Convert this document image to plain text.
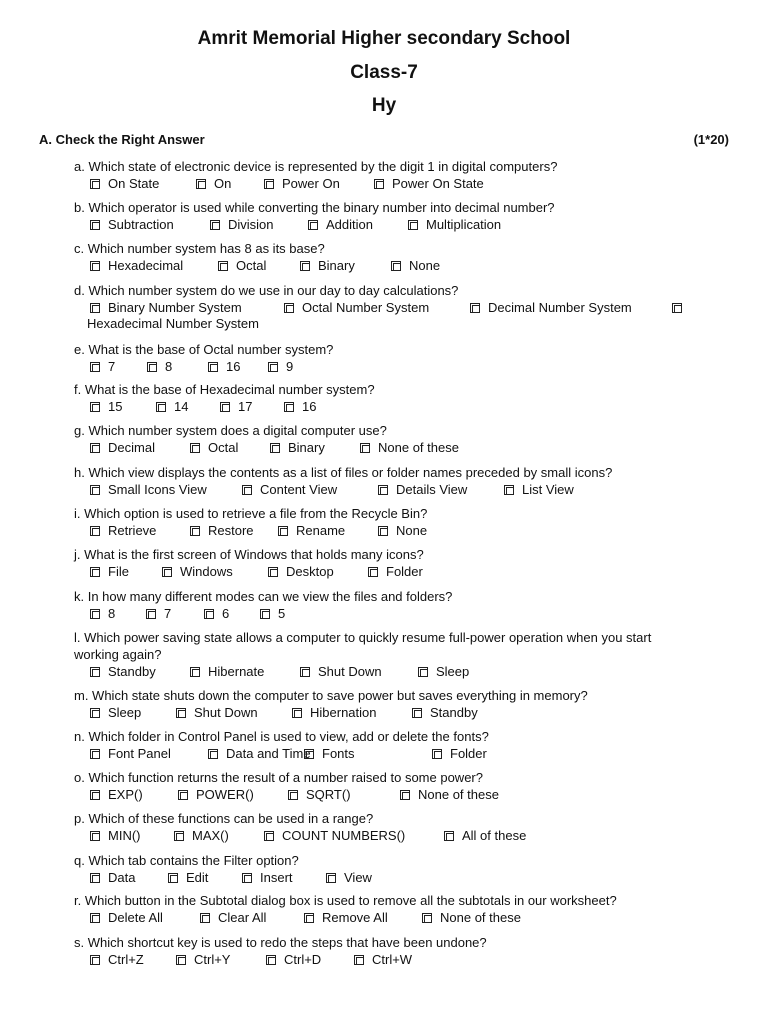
Amrit Memorial Higher secondary School
Class-7
Hy
A. Check the Right Answer	(1*20)
a. Which state of electronic device is represented by the digit 1 in digital computers?
On State	On	Power On	Power On State
b. Which operator is used while converting the binary number into decimal number?
Subtraction	Division	Addition	Multiplication
c. Which number system has 8 as its base?
Hexadecimal	Octal	Binary	None
d. Which number system do we use in our day to day calculations?
Binary Number System	Octal Number System	Decimal Number System
Hexadecimal Number System
e. What is the base of Octal number system?
7	8	16	9
f. What is the base of Hexadecimal number system?
15	14	17	16
g. Which number system does a digital computer use?
Decimal	Octal	Binary	None of these
h. Which view displays the contents as a list of files or folder names preceded by small icons?
Small Icons View	Content View	Details View	List View
i. Which option is used to retrieve a file from the Recycle Bin?
Retrieve	Restore	Rename	None
j. What is the first screen of Windows that holds many icons?
File	Windows	Desktop	Folder
k. In how many different modes can we view the files and folders?
8	7	6	5
l. Which power saving state allows a computer to quickly resume full-power operation when you start working again?
Standby	Hibernate	Shut Down	Sleep
m. Which state shuts down the computer to save power but saves everything in memory?
Sleep	Shut Down	Hibernation	Standby
n. Which folder in Control Panel is used to view, add or delete the fonts?
Font Panel	Data and Time Fonts	Folder
o. Which function returns the result of a number raised to some power?
EXP()	POWER()	SQRT()	None of these
p. Which of these functions can be used in a range?
MIN()	MAX()	COUNT NUMBERS()	All of these
q. Which tab contains the Filter option?
Data	Edit	Insert	View
r. Which button in the Subtotal dialog box is used to remove all the subtotals in our worksheet?
Delete All	Clear All	Remove All	None of these
s. Which shortcut key is used to redo the steps that have been undone?
Ctrl+Z	Ctrl+Y	Ctrl+D	Ctrl+W
